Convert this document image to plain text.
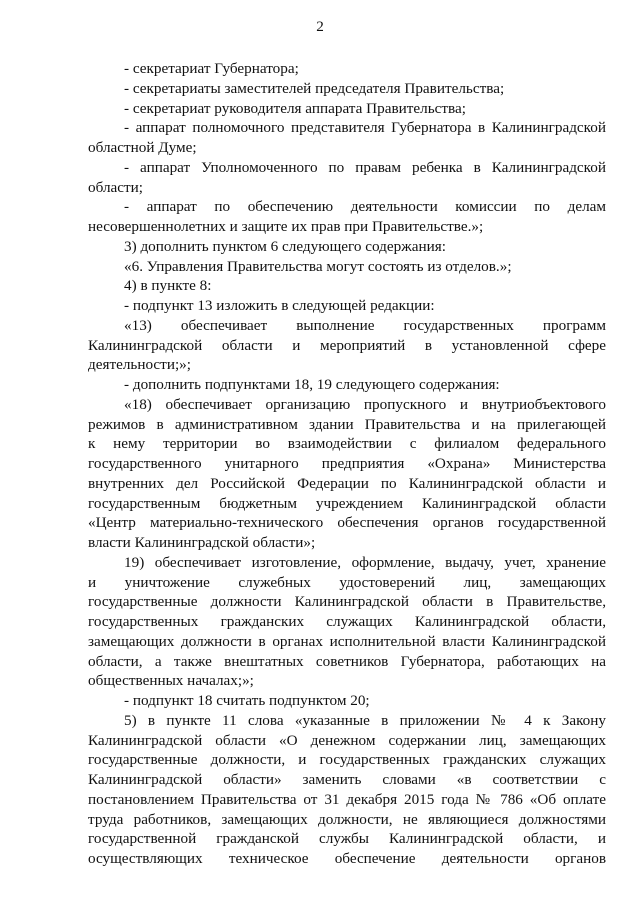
2
- секретариат Губернатора;
- секретариаты заместителей председателя Правительства;
- секретариат руководителя аппарата Правительства;
- аппарат полномочного представителя Губернатора в Калининградской
областной Думе;
- аппарат Уполномоченного по правам ребенка в Калининградской
области;
- аппарат по обеспечению деятельности комиссии по делам
несовершеннолетних и защите их прав при Правительстве.»;
3) дополнить пунктом 6 следующего содержания:
«6. Управления Правительства могут состоять из отделов.»;
4) в пункте 8:
- подпункт 13 изложить в следующей редакции:
«13) обеспечивает выполнение государственных программ
Калининградской области и мероприятий в установленной сфере
деятельности;»;
- дополнить подпунктами 18, 19 следующего содержания:
«18) обеспечивает организацию пропускного и внутриобъектового
режимов в административном здании Правительства и на прилегающей
к нему территории во взаимодействии с филиалом федерального
государственного унитарного предприятия «Охрана» Министерства
внутренних дел Российской Федерации по Калининградской области и
государственным бюджетным учреждением Калининградской области
«Центр материально-технического обеспечения органов государственной
власти Калининградской области»;
19) обеспечивает изготовление, оформление, выдачу, учет, хранение
и уничтожение служебных удостоверений лиц, замещающих
государственные должности Калининградской области в Правительстве,
государственных гражданских служащих Калининградской области,
замещающих должности в органах исполнительной власти Калининградской
области, а также внештатных советников Губернатора, работающих на
общественных началах;»;
- подпункт 18 считать подпунктом 20;
5) в пункте 11 слова «указанные в приложении № 4 к Закону
Калининградской области «О денежном содержании лиц, замещающих
государственные должности, и государственных гражданских служащих
Калининградской области» заменить словами «в соответствии с
постановлением Правительства от 31 декабря 2015 года № 786 «Об оплате
труда работников, замещающих должности, не являющиеся должностями
государственной гражданской службы Калининградской области, и
осуществляющих техническое обеспечение деятельности органов
